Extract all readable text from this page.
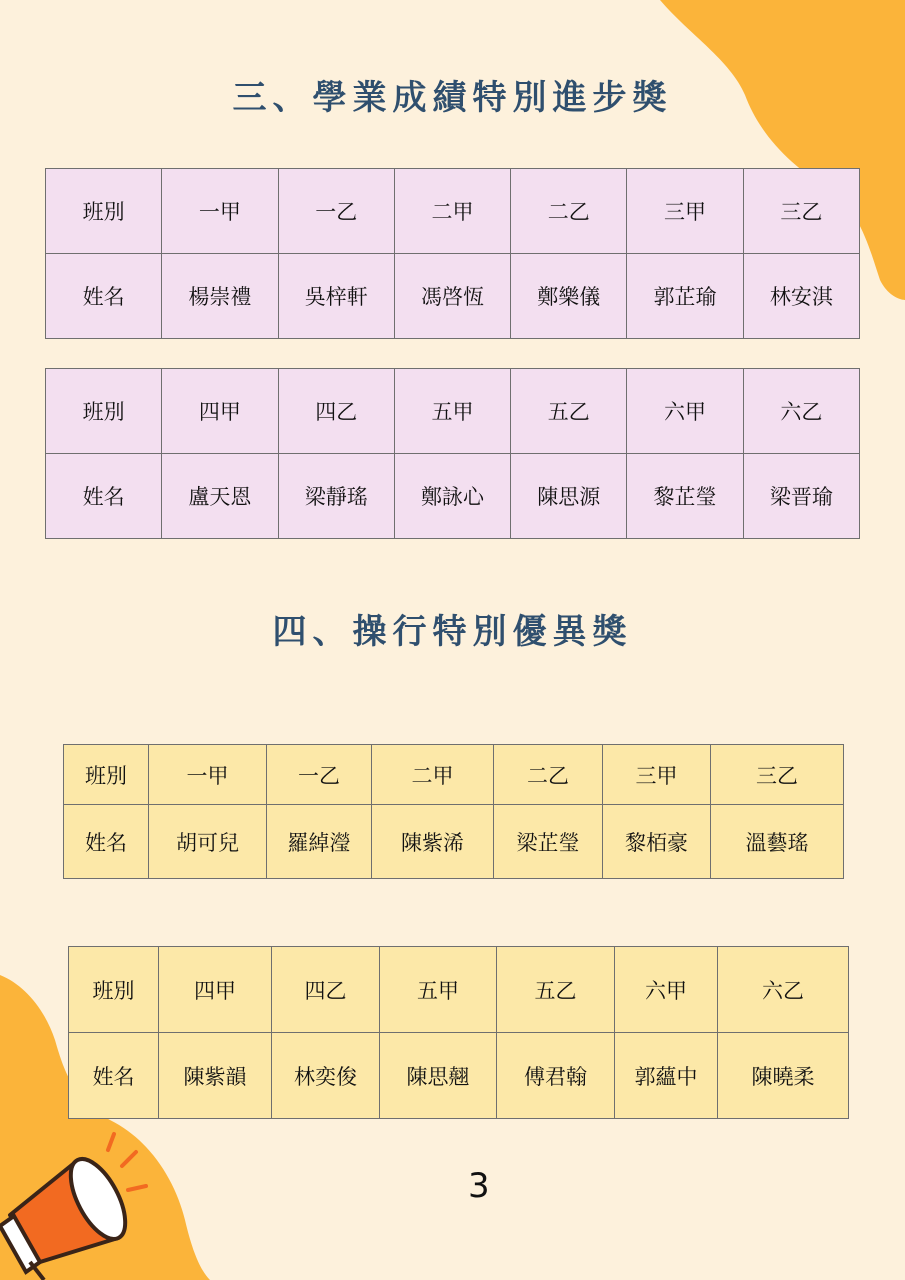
三、學業成績特別進步獎
班別	一甲	一乙	二甲	二乙	三甲	三乙
姓名	楊崇禮	吳梓軒	馮啓恆	鄭樂儀	郭芷瑜	林安淇
班別	四甲	四乙	五甲	五乙	六甲	六乙
姓名	盧天恩	梁靜瑤	鄭詠心	陳思源	黎芷瑩	梁晋瑜
四、操行特別優異獎
班別	一甲	一乙	二甲	二乙	三甲	三乙
姓名	胡可兒	羅綽瀅	陳紫浠	梁芷瑩	黎栢豪	溫藝瑤
班別	四甲	四乙	五甲	五乙	六甲	六乙
姓名	陳紫韻	林奕俊	陳思翹	傅君翰	郭蘊中	陳曉柔
3
